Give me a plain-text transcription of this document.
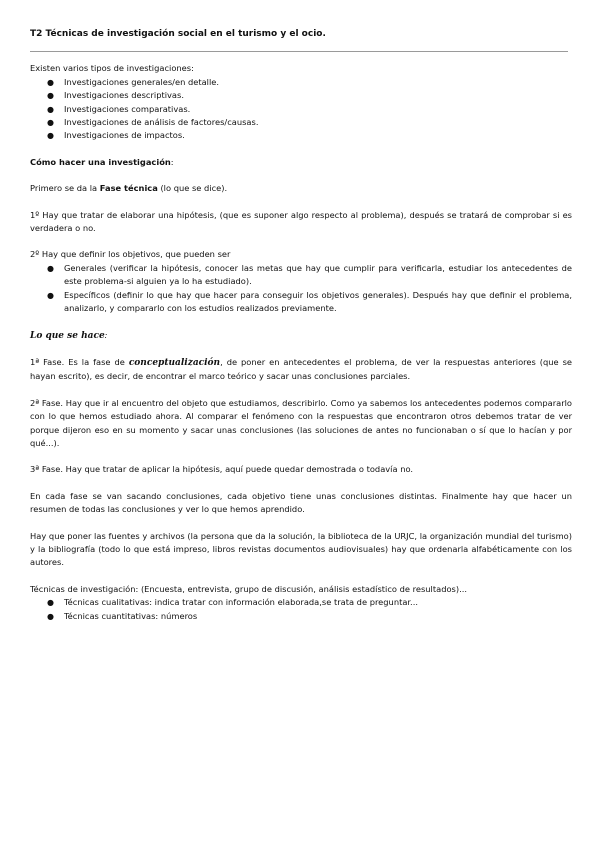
T2 Técnicas de investigación social en el turismo y el ocio.

Existen varios tipos de investigaciones:

● Investigaciones generales/en detalle.
● Investigaciones descriptivas.
● Investigaciones comparativas.
● Investigaciones de análisis de factores/causas.
● Investigaciones de impactos.

Cómo hacer una investigación:

Primero se da la Fase técnica (lo que se dice).

1º Hay que tratar de elaborar una hipótesis, (que es suponer algo respecto al problema), después se tratará de comprobar si es verdadera o no.

2º Hay que definir los objetivos, que pueden ser

● Generales (verificar la hipótesis, conocer las metas que hay que cumplir para verificarla, estudiar los antecedentes de este problema-si alguien ya lo ha estudiado).
● Específicos (definir lo que hay que hacer para conseguir los objetivos generales). Después hay que definir el problema, analizarlo, y compararlo con los estudios realizados previamente.

Lo que se hace:

1ª Fase. Es la fase de conceptualización, de poner en antecedentes el problema, de ver la respuestas anteriores (que se hayan escrito), es decir, de encontrar el marco teórico y sacar unas conclusiones parciales.

2ª Fase. Hay que ir al encuentro del objeto que estudiamos, describirlo. Como ya sabemos los antecedentes podemos compararlo con lo que hemos estudiado ahora. Al comparar el fenómeno con la respuestas que encontraron otros debemos tratar de ver porque dijeron eso en su momento y sacar unas conclusiones (las soluciones de antes no funcionaban o sí que lo hacían y por qué...).

3ª Fase. Hay que tratar de aplicar la hipótesis, aquí puede quedar demostrada o todavía no.

En cada fase se van sacando conclusiones, cada objetivo tiene unas conclusiones distintas. Finalmente hay que hacer un resumen de todas las conclusiones y ver lo que hemos aprendido.

Hay que poner las fuentes y archivos (la persona que da la solución, la biblioteca de la URJC, la organización mundial del turismo) y la bibliografía (todo lo que está impreso, libros revistas documentos audiovisuales) hay que ordenarla alfabéticamente con los autores.

Técnicas de investigación: (Encuesta, entrevista, grupo de discusión, análisis estadístico de resultados)...

● Técnicas cualitativas: indica tratar con información elaborada,se trata de preguntar...
● Técnicas cuantitativas: números
